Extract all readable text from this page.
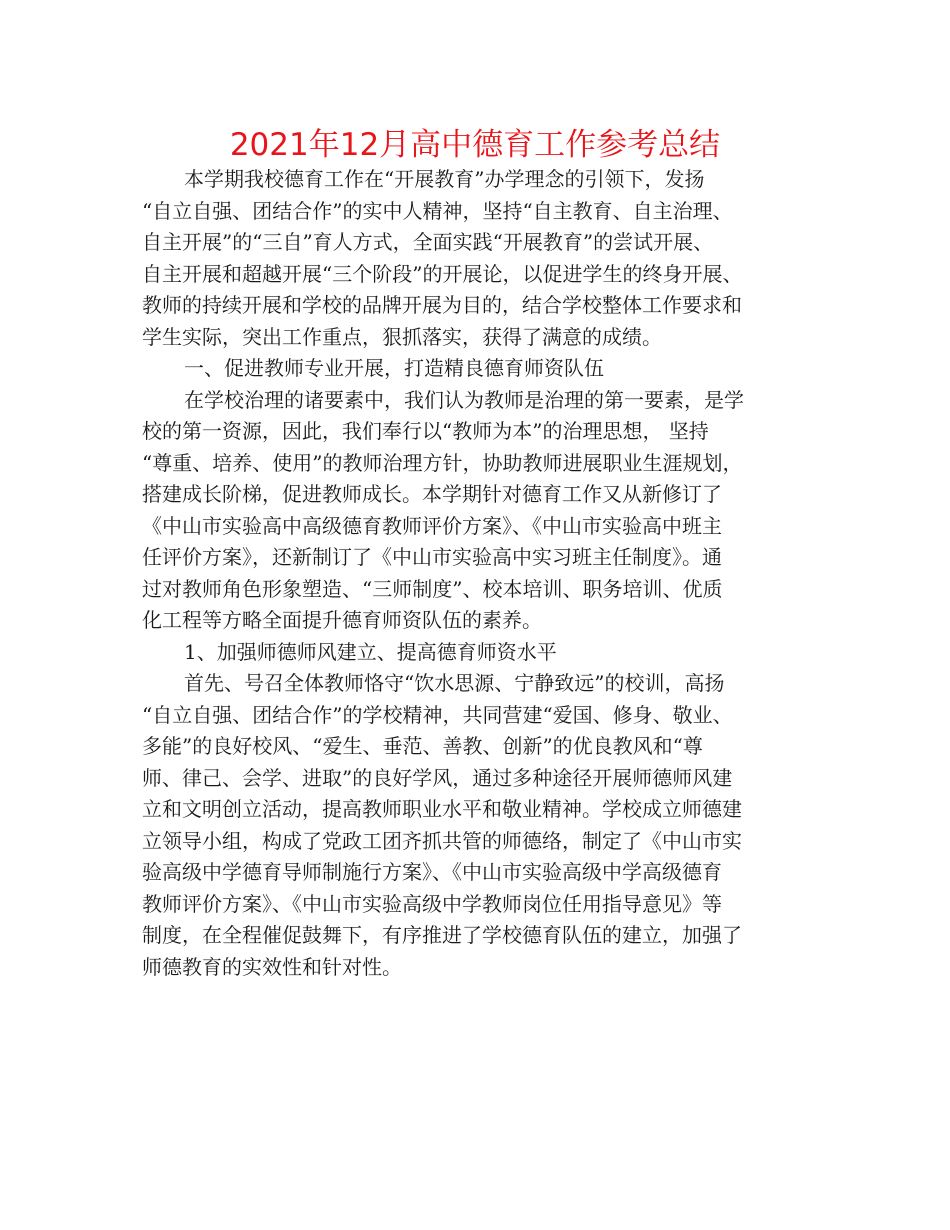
2021年12月高中德育工作参考总结

本学期我校德育工作在“开展教育”办学理念的引领下，发扬
“自立自强、团结合作”的实中人精神，坚持“自主教育、自主治理、
自主开展”的“三自”育人方式，全面实践“开展教育”的尝试开展、
自主开展和超越开展“三个阶段”的开展论，以促进学生的终身开展、
教师的持续开展和学校的品牌开展为目的，结合学校整体工作要求和
学生实际，突出工作重点，狠抓落实，获得了满意的成绩。

一、促进教师专业开展，打造精良德育师资队伍

在学校治理的诸要素中，我们认为教师是治理的第一要素，是学
校的第一资源，因此，我们奉行以“教师为本”的治理思想， 坚持
“尊重、培养、使用”的教师治理方针，协助教师进展职业生涯规划，
搭建成长阶梯，促进教师成长。本学期针对德育工作又从新修订了
《中山市实验高中高级德育教师评价方案》、《中山市实验高中班主
任评价方案》，还新制订了《中山市实验高中实习班主任制度》。通
过对教师角色形象塑造、“三师制度”、校本培训、职务培训、优质
化工程等方略全面提升德育师资队伍的素养。

1、加强师德师风建立、提高德育师资水平

首先、号召全体教师恪守“饮水思源、宁静致远”的校训，高扬
“自立自强、团结合作”的学校精神，共同营建“爱国、修身、敬业、
多能”的良好校风、“爱生、垂范、善教、创新”的优良教风和“尊
师、律己、会学、进取”的良好学风，通过多种途径开展师德师风建
立和文明创立活动，提高教师职业水平和敬业精神。学校成立师德建
立领导小组，构成了党政工团齐抓共管的师德络，制定了《中山市实
验高级中学德育导师制施行方案》、《中山市实验高级中学高级德育
教师评价方案》、《中山市实验高级中学教师岗位任用指导意见》等
制度，在全程催促鼓舞下，有序推进了学校德育队伍的建立，加强了
师德教育的实效性和针对性。
